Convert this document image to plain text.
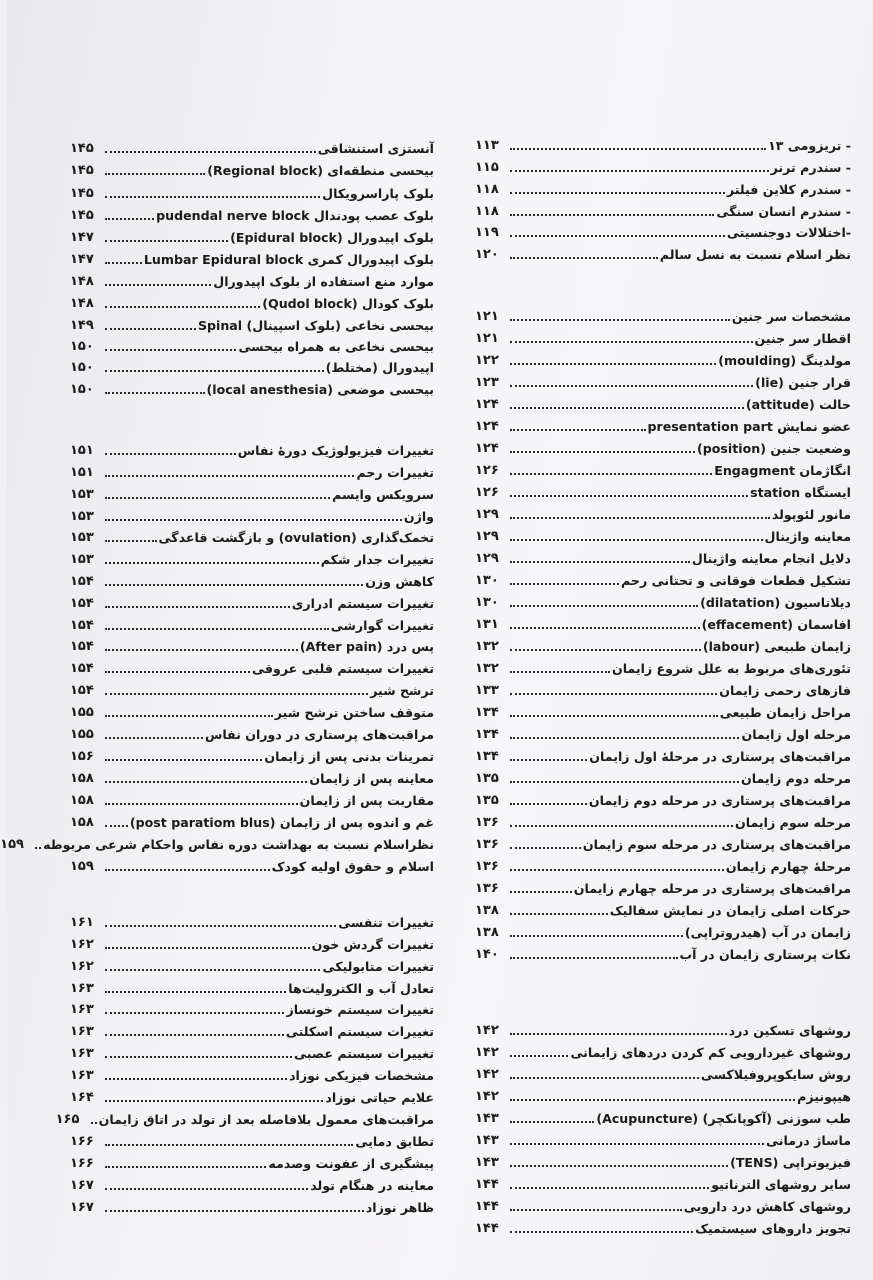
- تریزومی ۱۳
۱۱۳
- سندرم ترنر
۱۱۵
- سندرم کلاین فیلتر
۱۱۸
- سندرم انسان سنگی
۱۱۸
-اختلالات دوجنسیتی
۱۱۹
نظر اسلام نسبت به نسل سالم
۱۲۰
مشخصات سر جنین
۱۲۱
اقطار سر جنین
۱۲۱
مولدینگ (moulding)
۱۲۲
قرار جنین (lie)
۱۲۳
حالت (attitude)
۱۲۴
عضو نمایش presentation part
۱۲۴
وضعیت جنین (position)
۱۲۴
انگاژمان Engagment
۱۲۶
ایستگاه station
۱۲۶
مانور لئوپولد
۱۲۹
معاینه واژینال
۱۲۹
دلایل انجام معاینه واژینال
۱۲۹
تشکیل قطعات فوقانی و تحتانی رحم
۱۳۰
دیلاتاسیون (dilatation)
۱۳۰
افاسمان (effacement)
۱۳۱
زایمان طبیعی (labour)
۱۳۲
تئوری‌های مربوط به علل شروع زایمان
۱۳۲
فازهای رحمی زایمان
۱۳۳
مراحل زایمان طبیعی
۱۳۴
مرحله اول زایمان
۱۳۴
مراقبت‌های پرستاری در مرحلهٔ اول زایمان
۱۳۴
مرحله دوم زایمان
۱۳۵
مراقبت‌های پرستاری در مرحله دوم زایمان
۱۳۵
مرحله سوم زایمان
۱۳۶
مراقبت‌های پرستاری در مرحله سوم زایمان
۱۳۶
مرحلهٔ چهارم زایمان
۱۳۶
مراقبت‌های پرستاری در مرحله چهارم زایمان
۱۳۶
حرکات اصلی زایمان در نمایش سفالیک
۱۳۸
زایمان در آب (هیدروتراپی)
۱۳۸
نکات پرستاری زایمان در آب
۱۴۰
روشهای تسکین درد
۱۴۲
روشهای غیردارویی کم کردن دردهای زایمانی
۱۴۲
روش سایکوپروفیلاکسی
۱۴۲
هیپونیزم
۱۴۲
طب سوزنی (آکوپانکچر) (Acupuncture)
۱۴۳
ماساژ درمانی
۱۴۳
فیزیوتراپی (TENS)
۱۴۳
سایر روشهای الترناتیو
۱۴۴
روشهای کاهش درد دارویی
۱۴۴
تجویز داروهای سیستمیک
۱۴۴
آنستزی استنشاقی
۱۴۵
بیحسی منطقه‌ای (Regional block)
۱۴۵
بلوک پاراسرویکال
۱۴۵
بلوک عصب پودندال pudendal nerve block
۱۴۵
بلوک اپیدورال (Epidural block)
۱۴۷
بلوک اپیدورال کمری Lumbar Epidural block
۱۴۷
موارد منع استفاده از بلوک اپیدورال
۱۴۸
بلوک کودال (Qudol block)
۱۴۸
بیحسی نخاعی (بلوک اسپینال) Spinal
۱۴۹
بیحسی نخاعی به همراه بیحسی
۱۵۰
اپیدورال (مختلط)
۱۵۰
بیحسی موضعی (local anesthesia)
۱۵۰
تغییرات فیزیولوژیک دورهٔ نفاس
۱۵۱
تغییرات رحم
۱۵۱
سرویکس وایسم
۱۵۳
واژن
۱۵۳
تخمک‌گذاری (ovulation) و بازگشت قاعدگی
۱۵۳
تغییرات جدار شکم
۱۵۳
کاهش وزن
۱۵۴
تغییرات سیستم ادراری
۱۵۴
تغییرات گوارشی
۱۵۴
پس درد (After pain)
۱۵۴
تغییرات سیستم قلبی عروقی
۱۵۴
ترشح شیر
۱۵۴
متوقف ساختن ترشح شیر
۱۵۵
مراقبت‌های پرستاری در دوران نفاس
۱۵۵
تمرینات بدنی پس از زایمان
۱۵۶
معاینه پس از زایمان
۱۵۸
مقاربت پس از زایمان
۱۵۸
غم و اندوه پس از زایمان (post paratiom blus)
۱۵۸
نظراسلام نسبت به بهداشت دوره نفاس واحکام شرعی مربوطه
۱۵۹
اسلام و حقوق اولیه کودک
۱۵۹
تغییرات تنفسی
۱۶۱
تغییرات گردش خون
۱۶۲
تغییرات متابولیکی
۱۶۲
تعادل آب و الکترولیت‌ها
۱۶۳
تغییرات سیستم خونساز
۱۶۳
تغییرات سیستم اسکلتی
۱۶۳
تغییرات سیستم عصبی
۱۶۳
مشخصات فیزیکی نوزاد
۱۶۳
علایم حیاتی نوزاد
۱۶۴
مراقبت‌های معمول بلافاصله بعد از تولد در اتاق زایمان
۱۶۵
تطابق دمایی
۱۶۶
پیشگیری از عفونت وصدمه
۱۶۶
معاینه در هنگام تولد
۱۶۷
ظاهر نوزاد
۱۶۷
